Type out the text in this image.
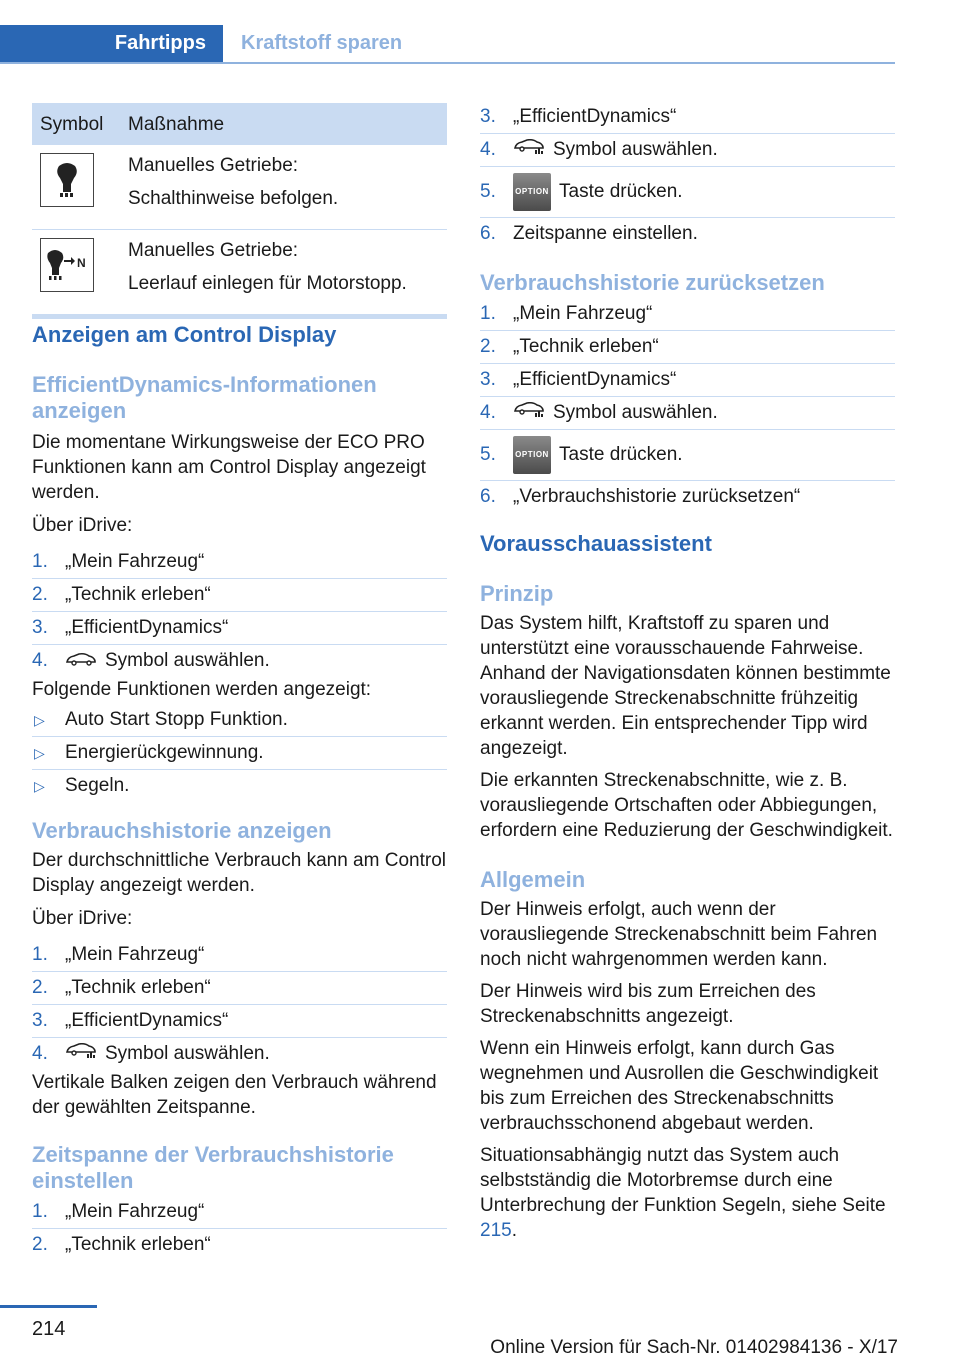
Fahrtipps	Kraftstoff sparen
Symbol	Maßnahme

Manuelles Getriebe:

Schalthinweise befolgen.

N	Manuelles Getriebe:

Leerlauf einlegen für Motorstopp.

Anzeigen am Control Display
EfficientDynamics-Informationen anzeigen

Die momentane Wirkungsweise der ECO PRO Funktionen kann am Control Display angezeigt werden.

Über iDrive:

1. „Mein Fahrzeug“
2. „Technik erleben“
3. „EfficientDynamics“
4.	Symbol auswählen.

Folgende Funktionen werden angezeigt:

▷ Auto Start Stopp Funktion.
▷ Energierückgewinnung.
▷ Segeln.
Verbrauchshistorie anzeigen

Der durchschnittliche Verbrauch kann am Control Display angezeigt werden.

Über iDrive:

1. „Mein Fahrzeug“
2. „Technik erleben“
3. „EfficientDynamics“
4.	Symbol auswählen.

Vertikale Balken zeigen den Verbrauch während der gewählten Zeitspanne.

Zeitspanne der Verbrauchshistorie einstellen
1. „Mein Fahrzeug“
2. „Technik erleben“
3. „EfficientDynamics“
4.	Symbol auswählen.
5. OPTION Taste drücken.
6. Zeitspanne einstellen.
Verbrauchshistorie zurücksetzen
1. „Mein Fahrzeug“
2. „Technik erleben“
3. „EfficientDynamics“
4.	Symbol auswählen.
5. OPTION Taste drücken.
6. „Verbrauchshistorie zurücksetzen“
Vorausschauassistent
Prinzip

Das System hilft, Kraftstoff zu sparen und unterstützt eine vorausschauende Fahrweise. Anhand der Navigationsdaten können bestimmte vorausliegende Streckenabschnitte frühzeitig erkannt werden. Ein entsprechender Tipp wird angezeigt.

Die erkannten Streckenabschnitte, wie z. B. vorausliegende Ortschaften oder Abbiegungen, erfordern eine Reduzierung der Geschwindigkeit.

Allgemein

Der Hinweis erfolgt, auch wenn der vorausliegende Streckenabschnitt beim Fahren noch nicht wahrgenommen werden kann.

Der Hinweis wird bis zum Erreichen des Streckenabschnitts angezeigt.

Wenn ein Hinweis erfolgt, kann durch Gas wegnehmen und Ausrollen die Geschwindigkeit bis zum Erreichen des Streckenabschnitts verbrauchsschonend abgebaut werden.

Situationsabhängig nutzt das System auch selbstständig die Motorbremse durch eine Unterbrechung der Funktion Segeln, siehe Seite 215.

214
Online Version für Sach-Nr. 01402984136 - X/17
